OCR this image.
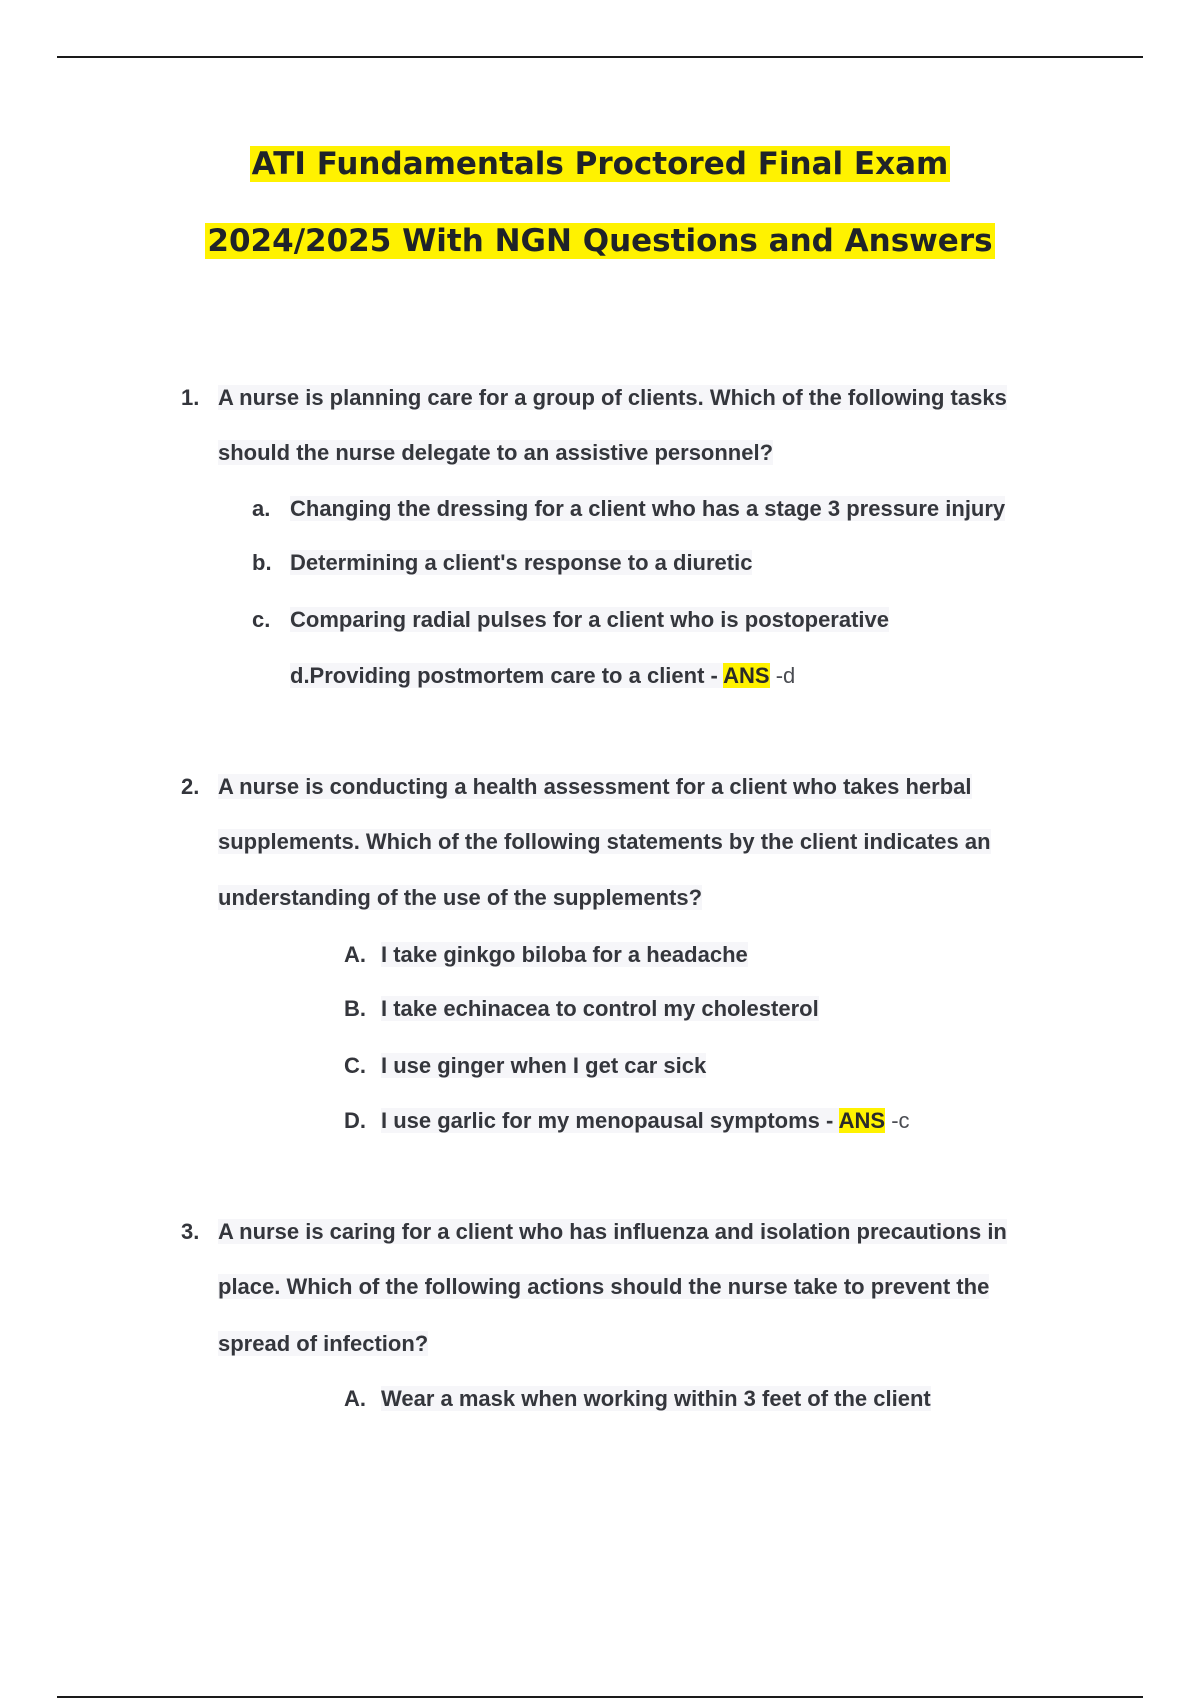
ATI Fundamentals Proctored Final Exam
2024/2025 With NGN Questions and Answers
1. A nurse is planning care for a group of clients. Which of the following tasks
should the nurse delegate to an assistive personnel?
a. Changing the dressing for a client who has a stage 3 pressure injury
b. Determining a client's response to a diuretic
c. Comparing radial pulses for a client who is postoperative
d.Providing postmortem care to a client - ANS -d
2. A nurse is conducting a health assessment for a client who takes herbal
supplements. Which of the following statements by the client indicates an
understanding of the use of the supplements?
A. I take ginkgo biloba for a headache
B. I take echinacea to control my cholesterol
C. I use ginger when I get car sick
D. I use garlic for my menopausal symptoms - ANS -c
3. A nurse is caring for a client who has influenza and isolation precautions in
place. Which of the following actions should the nurse take to prevent the
spread of infection?
A. Wear a mask when working within 3 feet of the client
